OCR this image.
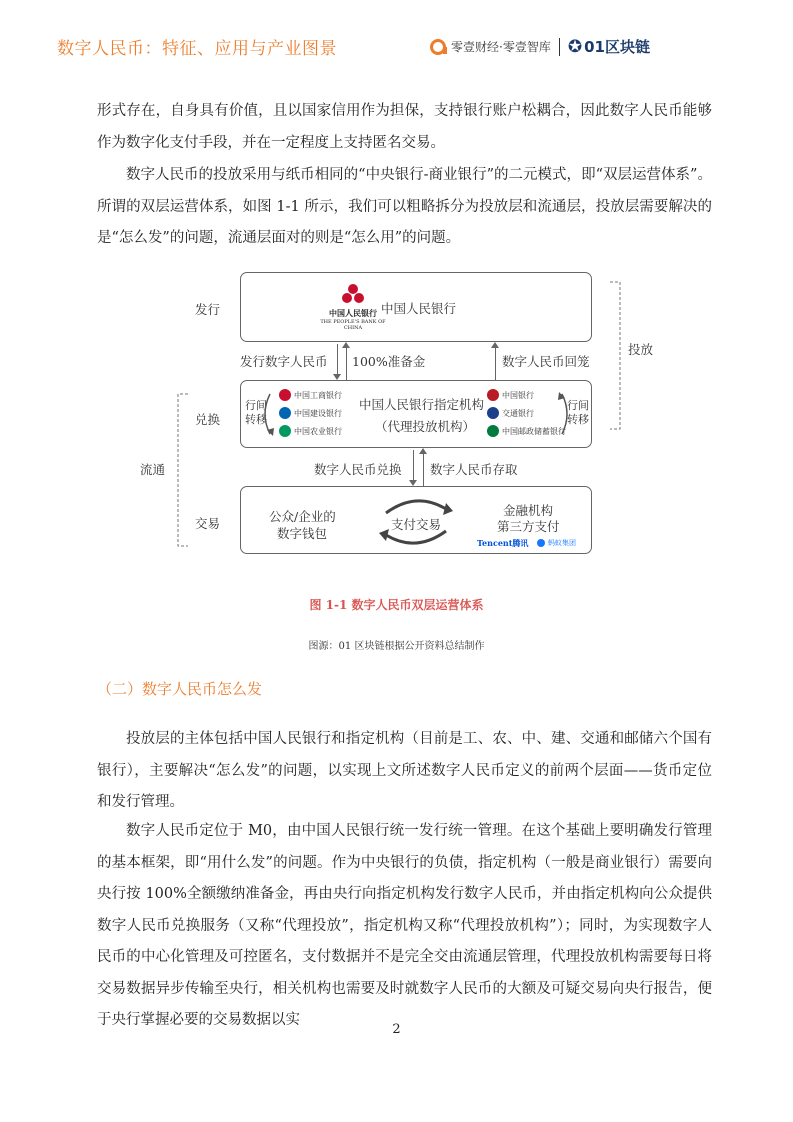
数字人民币：特征、应用与产业图景	零壹财经·零壹智库 ✪ 01区块链
形式存在，自身具有价值，且以国家信用作为担保，支持银行账户松耦合，因此数字人民币能够作为数字化支付手段，并在一定程度上支持匿名交易。
数字人民币的投放采用与纸币相同的“中央银行-商业银行”的二元模式，即“双层运营体系”。所谓的双层运营体系，如图 1-1 所示，我们可以粗略拆分为投放层和流通层，投放层需要解决的是“怎么发”的问题，流通层面对的则是“怎么用”的问题。
发行
兑换
交易
流通
投放
中国人民银行
THE PEOPLE'S BANK OF CHINA
中国人民银行
发行数字人民币 100%准备金	数字人民币回笼
行间转移
中国工商银行
中国建设银行
中国农业银行
中国人民银行指定机构
（代理投放机构）
中国银行
交通银行
中国邮政储蓄银行
行间转移
数字人民币兑换 数字人民币存取
公众/企业的
数字钱包
支付交易
金融机构
第三方支付
Tencent腾讯	蚂蚁集团
图 1-1 数字人民币双层运营体系
图源：01 区块链根据公开资料总结制作
（二）数字人民币怎么发
投放层的主体包括中国人民银行和指定机构（目前是工、农、中、建、交通和邮储六个国有银行），主要解决“怎么发”的问题，以实现上文所述数字人民币定义的前两个层面——货币定位和发行管理。
数字人民币定位于 M0，由中国人民银行统一发行统一管理。在这个基础上要明确发行管理的基本框架，即“用什么发”的问题。作为中央银行的负债，指定机构（一般是商业银行）需要向央行按 100%全额缴纳准备金，再由央行向指定机构发行数字人民币，并由指定机构向公众提供数字人民币兑换服务（又称“代理投放”，指定机构又称“代理投放机构”）；同时，为实现数字人民币的中心化管理及可控匿名，支付数据并不是完全交由流通层管理，代理投放机构需要每日将交易数据异步传输至央行，相关机构也需要及时就数字人民币的大额及可疑交易向央行报告，便于央行掌握必要的交易数据以实
2
